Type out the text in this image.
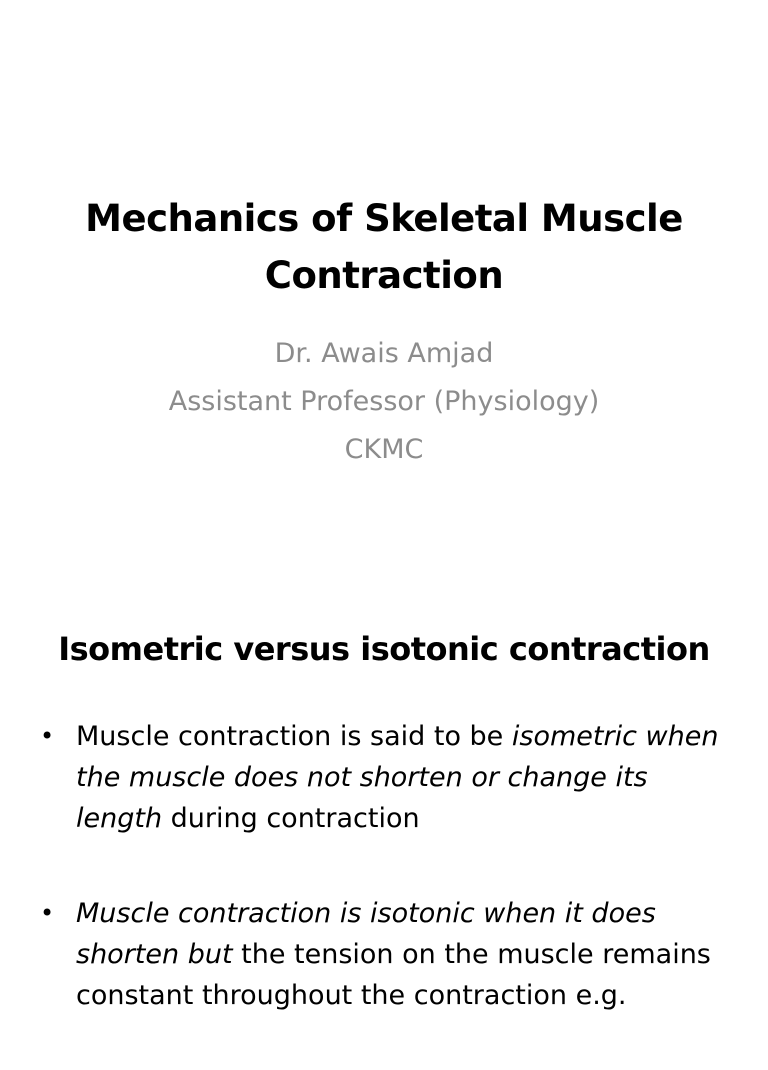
Mechanics of Skeletal Muscle
Contraction
Dr. Awais Amjad
Assistant Professor (Physiology)
CKMC
Isometric versus isotonic contraction
• Muscle contraction is said to be isometric when the muscle does not shorten or change its length during contraction
• Muscle contraction is isotonic when it does shorten but the tension on the muscle remains constant throughout the contraction e.g.
